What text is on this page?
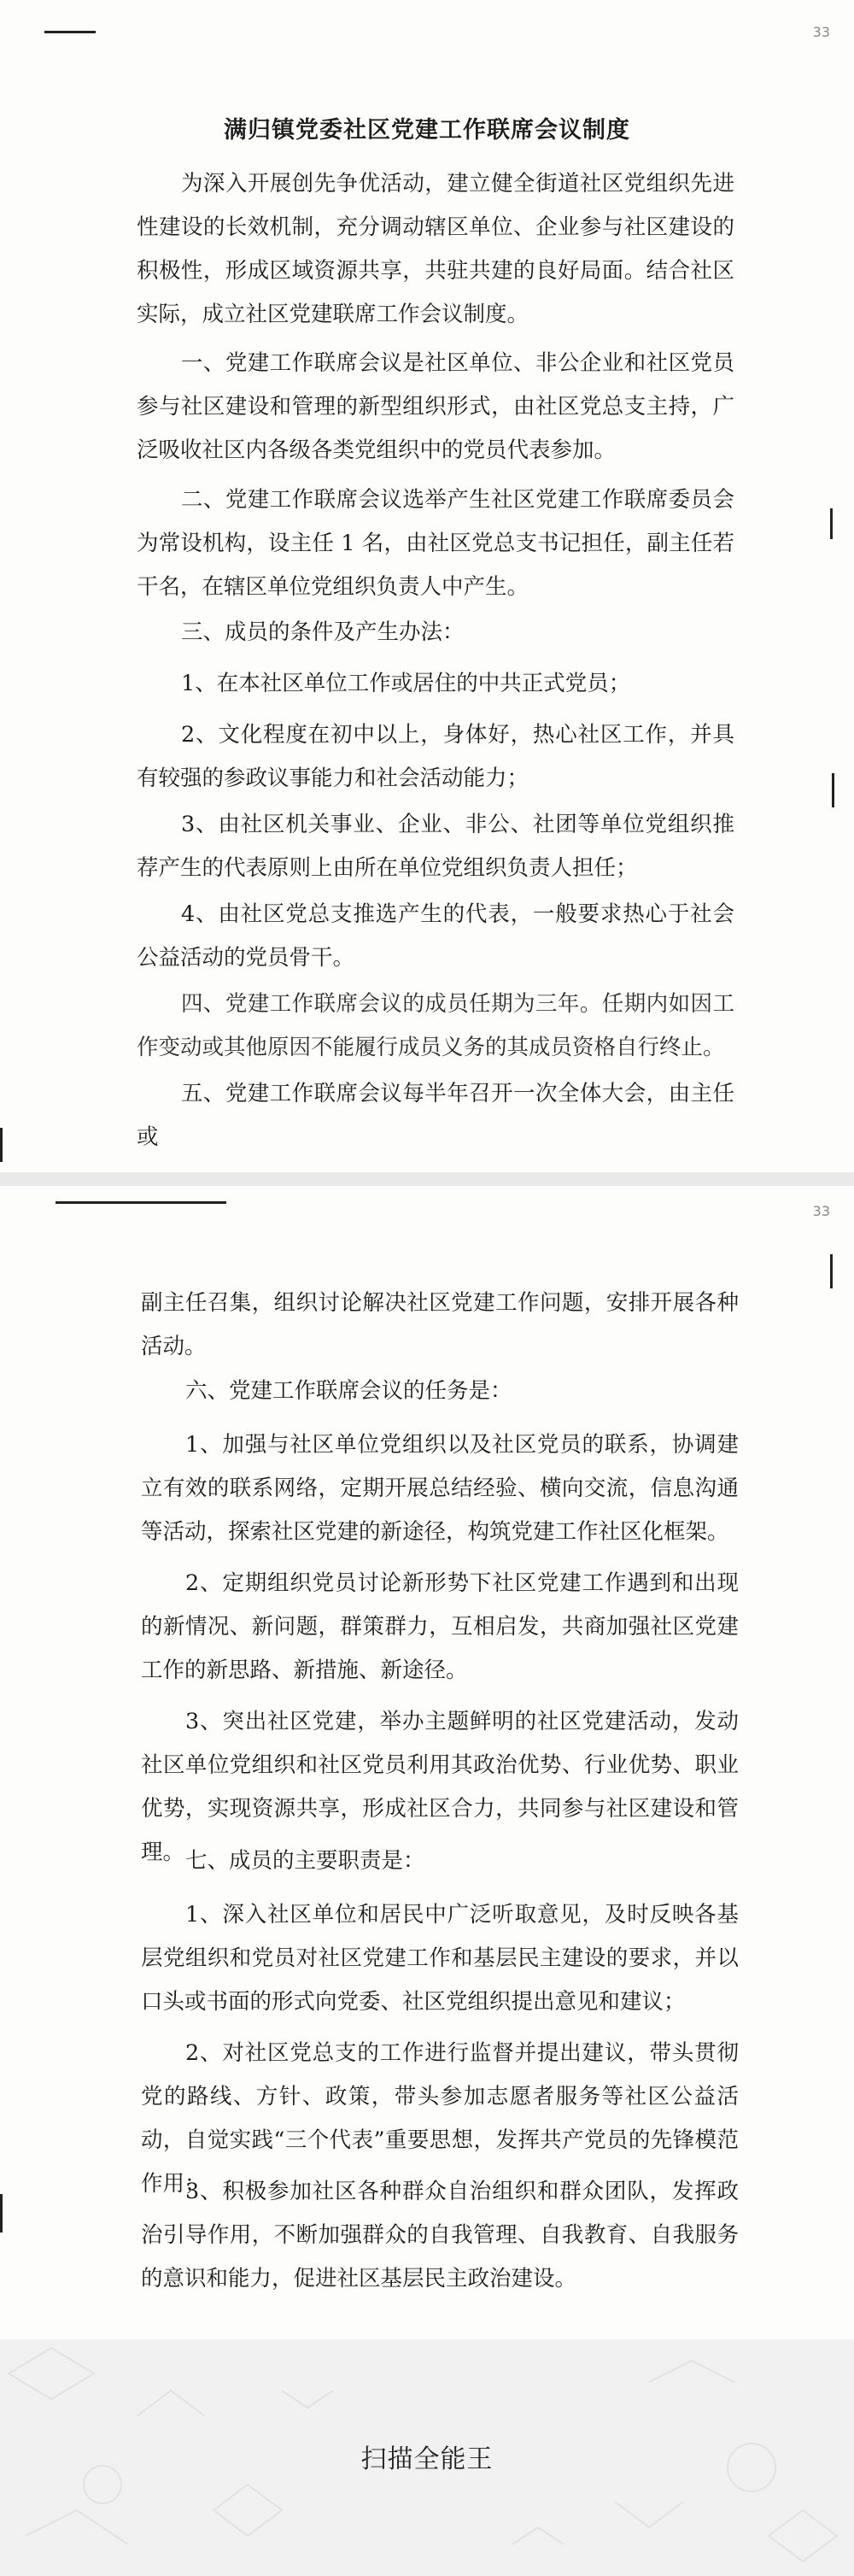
33
满归镇党委社区党建工作联席会议制度

为深入开展创先争优活动，建立健全街道社区党组织先进性建设的长效机制，充分调动辖区单位、企业参与社区建设的积极性，形成区域资源共享，共驻共建的良好局面。结合社区实际，成立社区党建联席工作会议制度。

一、党建工作联席会议是社区单位、非公企业和社区党员参与社区建设和管理的新型组织形式，由社区党总支主持，广泛吸收社区内各级各类党组织中的党员代表参加。

二、党建工作联席会议选举产生社区党建工作联席委员会为常设机构，设主任 1 名，由社区党总支书记担任，副主任若干名，在辖区单位党组织负责人中产生。

三、成员的条件及产生办法：

1、在本社区单位工作或居住的中共正式党员；

2、文化程度在初中以上，身体好，热心社区工作，并具有较强的参政议事能力和社会活动能力；

3、由社区机关事业、企业、非公、社团等单位党组织推荐产生的代表原则上由所在单位党组织负责人担任；

4、由社区党总支推选产生的代表，一般要求热心于社会公益活动的党员骨干。

四、党建工作联席会议的成员任期为三年。任期内如因工作变动或其他原因不能履行成员义务的其成员资格自行终止。

五、党建工作联席会议每半年召开一次全体大会，由主任或

33

副主任召集，组织讨论解决社区党建工作问题，安排开展各种活动。

六、党建工作联席会议的任务是：

1、加强与社区单位党组织以及社区党员的联系，协调建立有效的联系网络，定期开展总结经验、横向交流，信息沟通等活动，探索社区党建的新途径，构筑党建工作社区化框架。

2、定期组织党员讨论新形势下社区党建工作遇到和出现的新情况、新问题，群策群力，互相启发，共商加强社区党建工作的新思路、新措施、新途径。

3、突出社区党建，举办主题鲜明的社区党建活动，发动社区单位党组织和社区党员利用其政治优势、行业优势、职业优势，实现资源共享，形成社区合力，共同参与社区建设和管理。 七、成员的主要职责是：

1、深入社区单位和居民中广泛听取意见，及时反映各基层党组织和党员对社区党建工作和基层民主建设的要求，并以口头或书面的形式向党委、社区党组织提出意见和建议；

2、对社区党总支的工作进行监督并提出建议，带头贯彻党的路线、方针、政策，带头参加志愿者服务等社区公益活动，自觉实践“三个代表”重要思想，发挥共产党员的先锋模范作用；

3、积极参加社区各种群众自治组织和群众团队，发挥政治引导作用，不断加强群众的自我管理、自我教育、自我服务的意识和能力，促进社区基层民主政治建设。

扫描全能王
